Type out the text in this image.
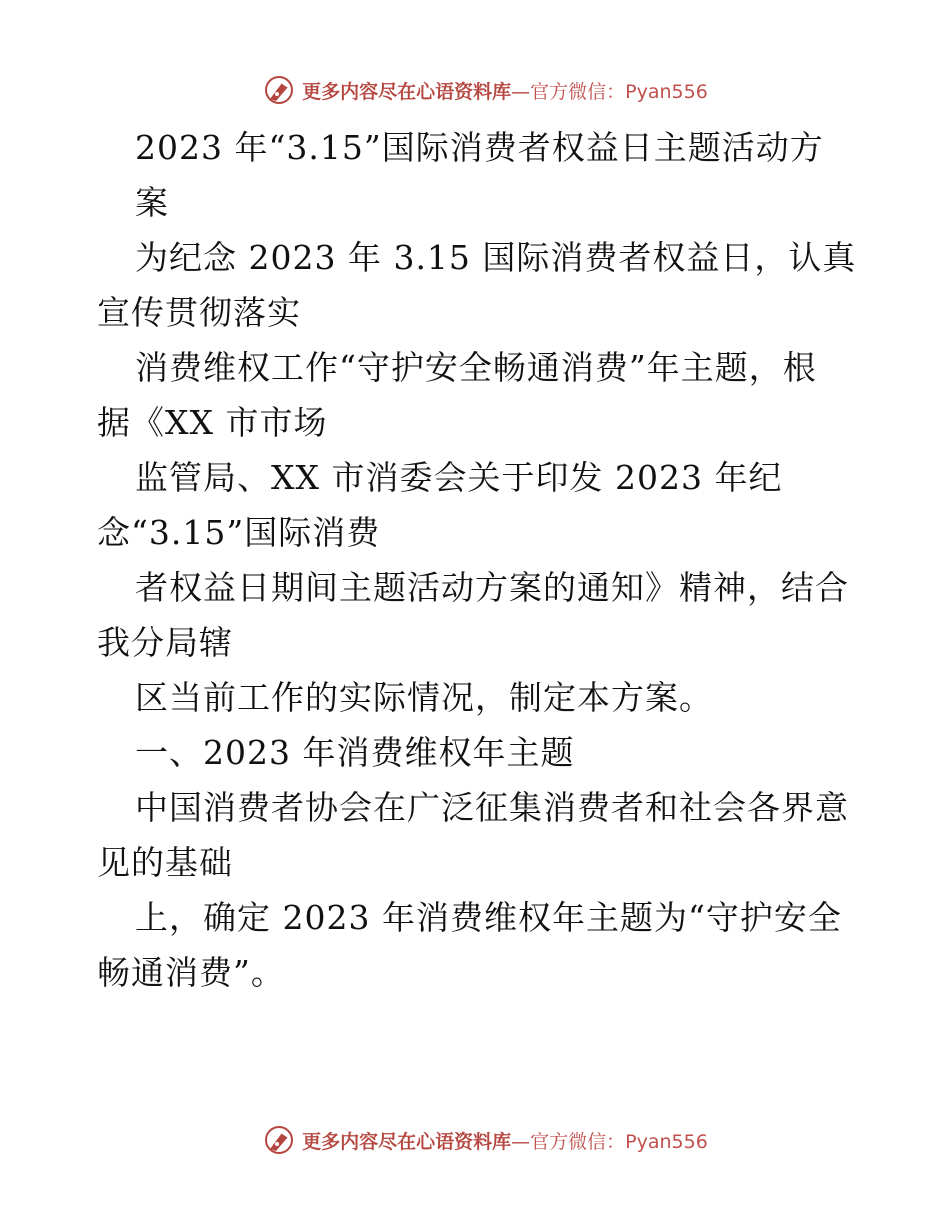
更多内容尽在心语资料库—官方微信：Pyan556
2023 年“3.15”国际消费者权益日主题活动方
案
为纪念 2023 年 3.15 国际消费者权益日，认真
宣传贯彻落实
消费维权工作“守护安全畅通消费”年主题，根
据《XX 市市场
监管局、XX 市消委会关于印发 2023 年纪
念“3.15”国际消费
者权益日期间主题活动方案的通知》精神，结合
我分局辖
区当前工作的实际情况，制定本方案。
一、2023 年消费维权年主题
中国消费者协会在广泛征集消费者和社会各界意
见的基础
上，确定 2023 年消费维权年主题为“守护安全
畅通消费”。
更多内容尽在心语资料库—官方微信：Pyan556
